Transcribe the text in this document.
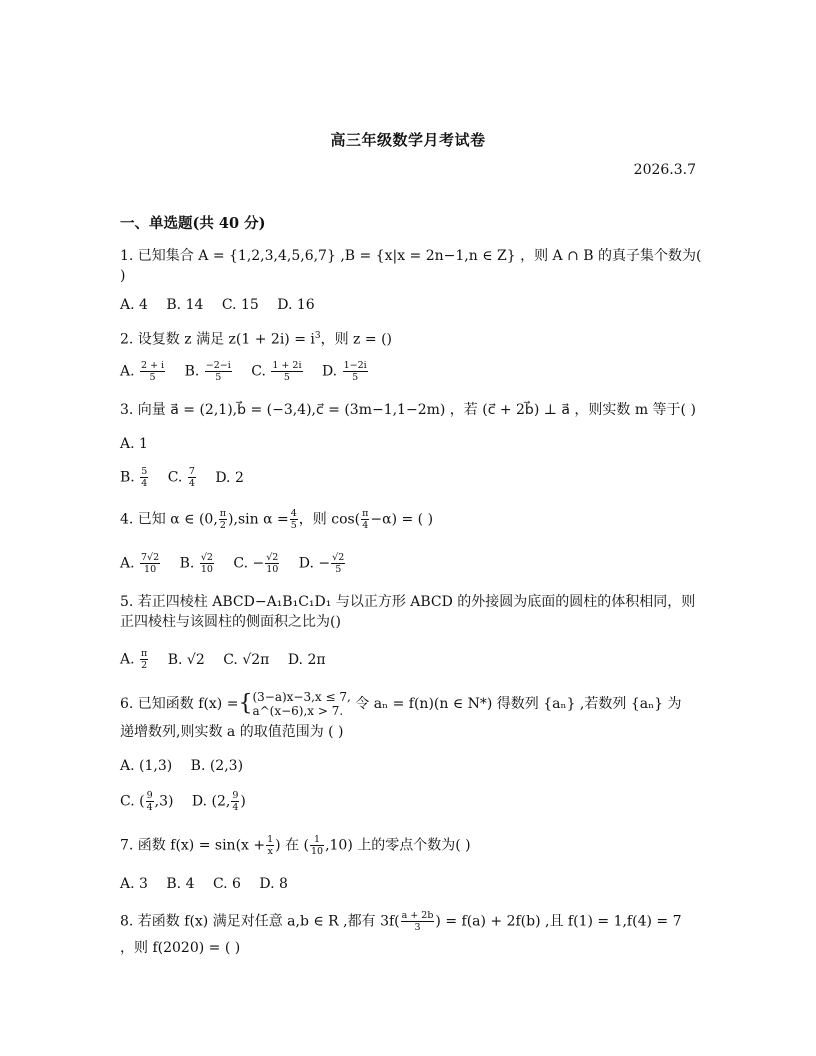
高三年级数学月考试卷
2026.3.7
一、单选题(共 40 分)
1. 已知集合 A = {1,2,3,4,5,6,7} ,B = {x|x = 2n−1,n ∈ Z} ，则 A ∩ B 的真子集个数为(
)
A. 4 B. 14 C. 15 D. 16
2. 设复数 z 满足 $z(1 + 2i) = i^3$，则 z = ()
A. $\frac{2 + i}{5} B$. $\frac{-2-i}{5} C$. $\frac{1 + 2i}{5} D$. $\frac{1-2i}{5}$
3. 向量 a⃗ = (2,1),b⃗ = (−3,4),c⃗ = (3m−1,1−2m) ，若 (c⃗ + 2b⃗) ⊥ a⃗ ，则实数 m 等于( )
A. 1
B. $\frac{5}{4} C$. $\frac{7}{4} D$. 2
4. 已知 α ∈ (0, $\frac{\pi}{2} ),\sin$ $\alpha = \frac{4}{5}$ ，则 $\cos( \frac{\pi}{4} -\alpha)$ = ( )
A. $\frac{7√2}{10} B$. $\frac{√2}{10} C$. − $\frac{√2}{10} D$. − $\frac{√2}{5}$
5. 若正四棱柱 ABCD−A₁B₁C₁D₁ 与以正方形 ABCD 的外接圆为底面的圆柱的体积相同，则正四棱柱与该圆柱的侧面积之比为()
A. $\frac{\pi}{2} B$. √2 C. √2π D. 2π
6. 已知函数 f(x) ={ (3−a)x−3,x ≤ 7,
a^(x−6),x > 7. 令 aₙ = f(n)(n ∈ N*) 得数列 {aₙ} ,若数列 {aₙ} 为
递增数列,则实数 a 的取值范围为 ( )
A. (1,3) B. (2,3)
C. ( $\frac{9}{4} ,3$) D. (2, $\frac{9}{4}$ )
7. 函数 $f(x) = \sin(x + \frac{1}{x}$ ) 在 ( $\frac{1}{10} ,10$) 上的零点个数为( )
A. 3 B. 4 C. 6 D. 8
8. 若函数 f(x) 满足对任意 a,b ∈ R ,都有 $3f( \frac{a + 2b}{3}$ ) = f(a) + 2f(b) ,且 f(1) = 1,f(4) = 7
，则 f(2020) = ( )
